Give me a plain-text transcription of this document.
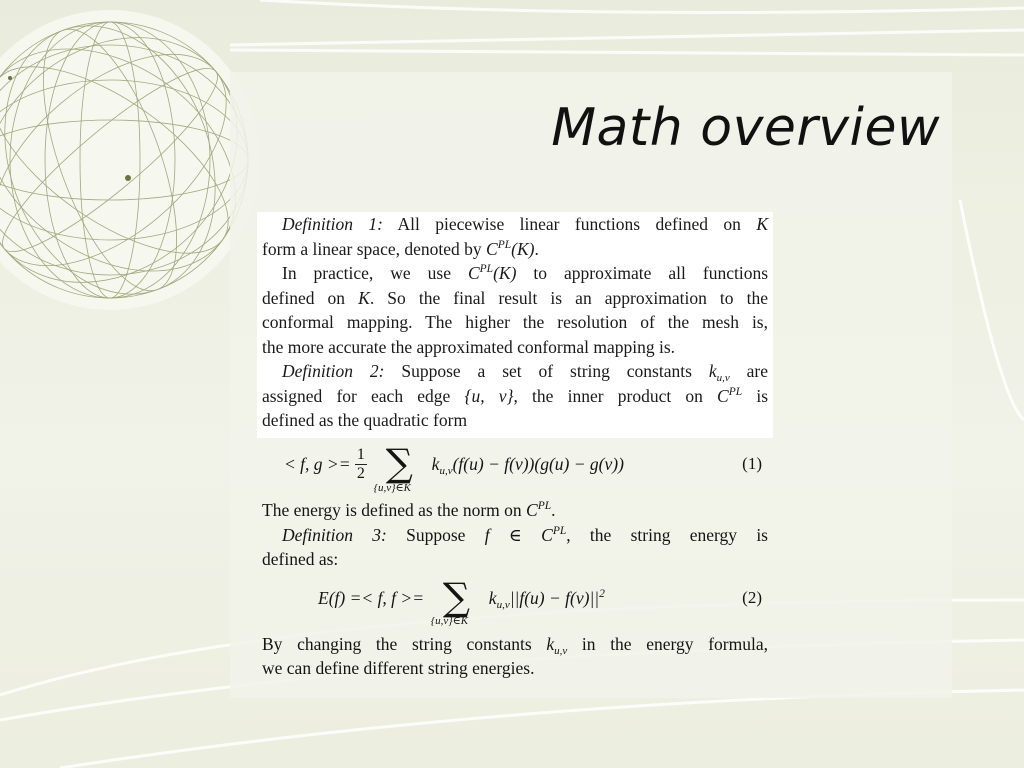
Math overview
Definition 1: All piecewise linear functions defined on K
form a linear space, denoted by $C^{PL}(K)$.
In practice, we use $C^{PL}(K)$ to approximate all functions
defined on K. So the final result is an approximation to the
conformal mapping. The higher the resolution of the mesh is,
the more accurate the approximated conformal mapping is.
Definition 2: Suppose a set of string constants $k_{u,v}$ are
assigned for each edge {u, v}, the inner product on $C^{PL}$ is
defined as the quadratic form
< f, $g >= \frac{1}{2}$ ∑
{u,v}∈K
$k_{u,v}(f(u) - f(v))(g(u) - g(v))$	(1)
The energy is defined as the norm on $C^{PL}$.
Definition 3: Suppose f ∈ $C^{PL}$, the string energy is
defined as:
E(f) =< f, f >= ∑
{u,v}∈K
$k_{u,v}||f(u) - f(v)||^2$	(2)
By changing the string constants $k_{u,v}$ in the energy formula,
we can define different string energies.
